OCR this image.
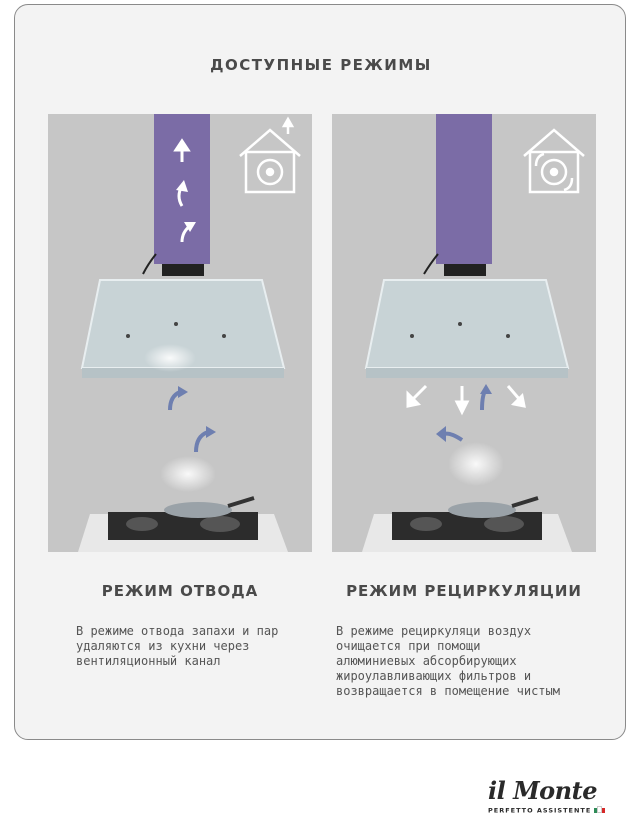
ДОСТУПНЫЕ РЕЖИМЫ
РЕЖИМ ОТВОДА	РЕЖИМ РЕЦИРКУЛЯЦИИ
В режиме отвода запахи и пар
удаляются из кухни через
вентиляционный канал
В режиме рециркуляци воздух
очищается при помощи
алюминиевых абсорбирующих
жироулавливающих фильтров и
возвращается в помещение чистым
il Monte
PERFETTO ASSISTENTE
